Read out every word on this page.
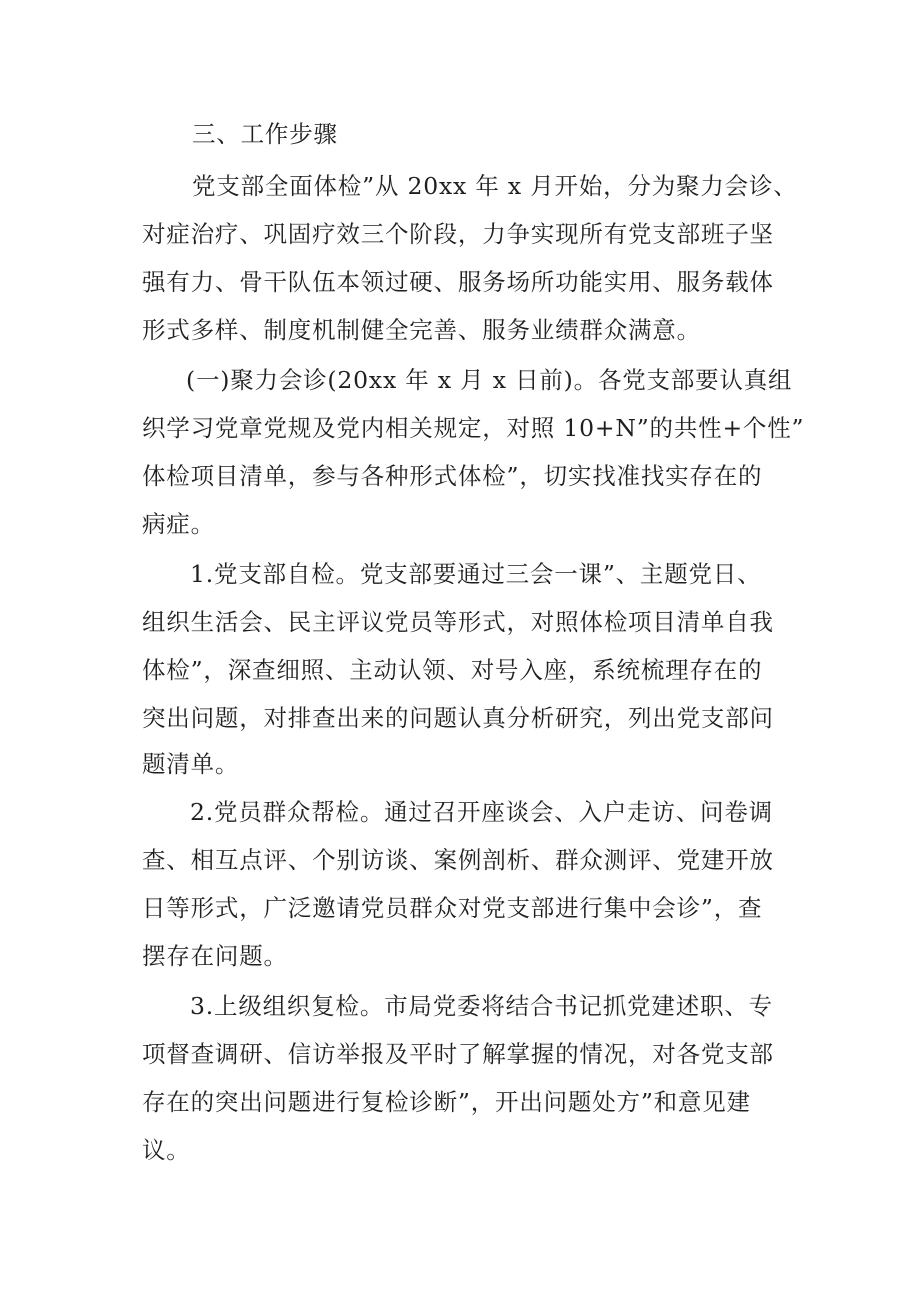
三、工作步骤
党支部全面体检”从 20xx 年 x 月开始，分为聚力会诊、
对症治疗、巩固疗效三个阶段，力争实现所有党支部班子坚
强有力、骨干队伍本领过硬、服务场所功能实用、服务载体
形式多样、制度机制健全完善、服务业绩群众满意。
(一)聚力会诊(20xx 年 x 月 x 日前)。各党支部要认真组
织学习党章党规及党内相关规定，对照 10+N”的共性+个性”
体检项目清单，参与各种形式体检”，切实找准找实存在的
病症。
1.党支部自检。党支部要通过三会一课”、主题党日、
组织生活会、民主评议党员等形式，对照体检项目清单自我
体检”，深查细照、主动认领、对号入座，系统梳理存在的
突出问题，对排查出来的问题认真分析研究，列出党支部问
题清单。
2.党员群众帮检。通过召开座谈会、入户走访、问卷调
查、相互点评、个别访谈、案例剖析、群众测评、党建开放
日等形式，广泛邀请党员群众对党支部进行集中会诊”，查
摆存在问题。
3.上级组织复检。市局党委将结合书记抓党建述职、专
项督查调研、信访举报及平时了解掌握的情况，对各党支部
存在的突出问题进行复检诊断”，开出问题处方”和意见建
议。
